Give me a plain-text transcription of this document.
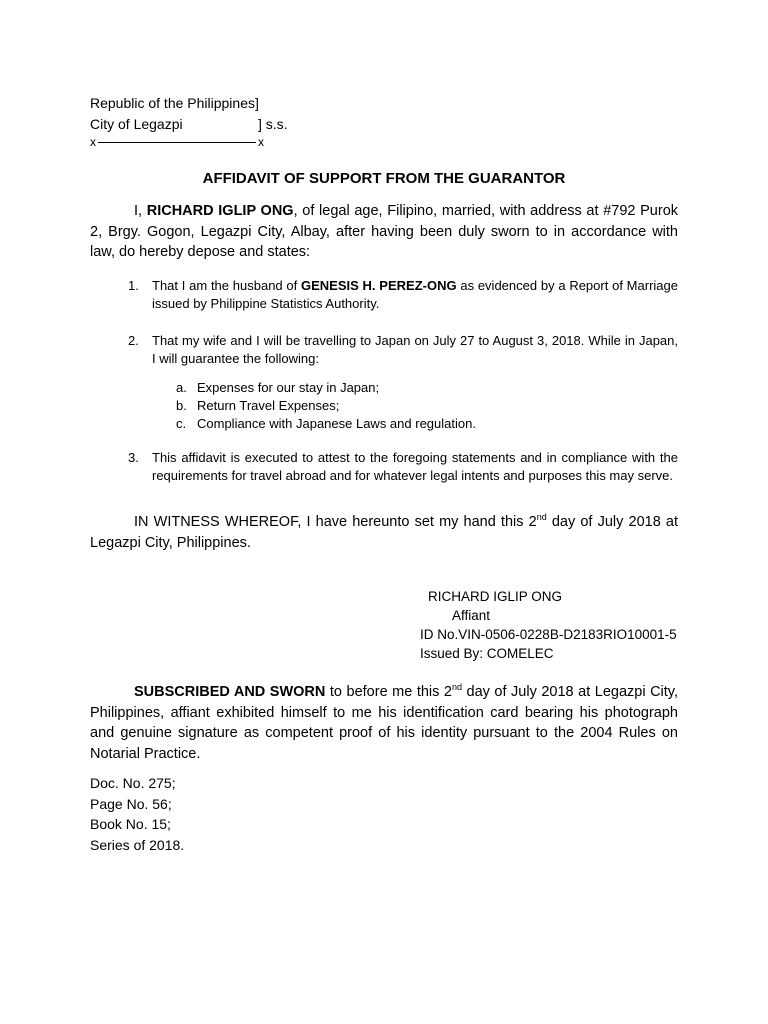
Republic of the Philippines]
City of Legazpi	] s.s.
x	x
AFFIDAVIT OF SUPPORT FROM THE GUARANTOR
I, RICHARD IGLIP ONG, of legal age, Filipino, married, with address at #792 Purok 2, Brgy. Gogon, Legazpi City, Albay, after having been duly sworn to in accordance with law, do hereby depose and states:
1. That I am the husband of GENESIS H. PEREZ-ONG as evidenced by a Report of Marriage issued by Philippine Statistics Authority.
2. That my wife and I will be travelling to Japan on July 27 to August 3, 2018. While in Japan, I will guarantee the following:
a. Expenses for our stay in Japan;
b. Return Travel Expenses;
c. Compliance with Japanese Laws and regulation.
3. This affidavit is executed to attest to the foregoing statements and in compliance with the requirements for travel abroad and for whatever legal intents and purposes this may serve.
IN WITNESS WHEREOF, I have hereunto set my hand this 2nd day of July 2018 at Legazpi City, Philippines.
RICHARD IGLIP ONG
Affiant
ID No.VIN-0506-0228B-D2183RIO10001-5
Issued By: COMELEC
SUBSCRIBED AND SWORN to before me this 2nd day of July 2018 at Legazpi City, Philippines, affiant exhibited himself to me his identification card bearing his photograph and genuine signature as competent proof of his identity pursuant to the 2004 Rules on Notarial Practice.
Doc. No. 275;
Page No. 56;
Book No. 15;
Series of 2018.
